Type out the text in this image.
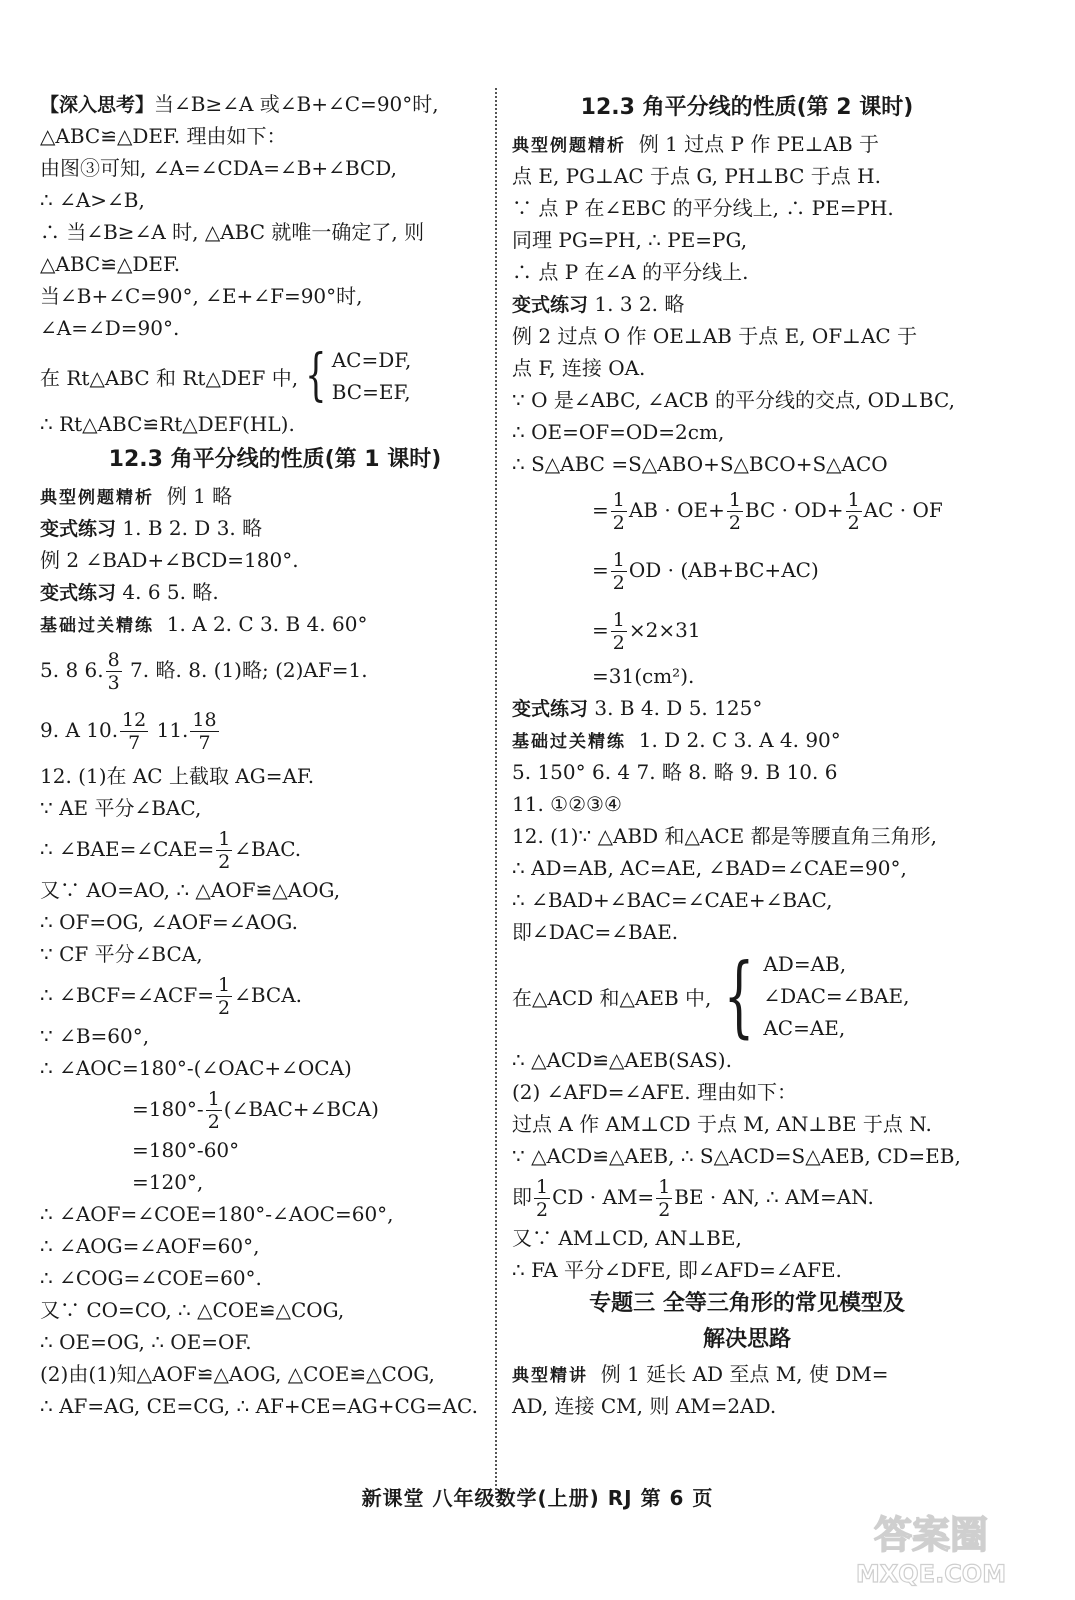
【深入思考】当∠B≥∠A 或∠B+∠C=90°时,
△ABC≌△DEF. 理由如下：
由图③可知, ∠A=∠CDA=∠B+∠BCD,
∴ ∠A>∠B,
∴ 当∠B≥∠A 时, △ABC 就唯一确定了, 则
△ABC≌△DEF.
当∠B+∠C=90°, ∠E+∠F=90°时,
∠A=∠D=90°.
在 Rt△ABC 和 Rt△DEF 中, { AC=DF,
BC=EF,
∴ Rt△ABC≌Rt△DEF(HL).
12.3 角平分线的性质(第 1 课时)
典型例题精析 例 1 略
变式练习 1. B 2. D 3. 略
例 2 ∠BAD+∠BCD=180°.
变式练习 4. 6 5. 略.
基础过关精练 1. A 2. C 3. B 4. 60°
5. 8 6. $\frac{8}{3} 7$. 略. 8. (1)略; (2)AF=1.
9. A 10. $\frac{12}{7} 11$. $\frac{18}{7}$
12. (1)在 AC 上截取 AG=AF.
∵ AE 平分∠BAC,
∴ ∠BAE=∠CAE= $\frac{1}{2}$ ∠BAC.
又∵ AO=AO, ∴ △AOF≌△AOG,
∴ OF=OG, ∠AOF=∠AOG.
∵ CF 平分∠BCA,
∴ ∠BCF=∠ACF= $\frac{1}{2}$ ∠BCA.
∵ ∠B=60°,
∴ ∠AOC=180°-(∠OAC+∠OCA)
$=180^\circ- \frac{1}{2}$ (∠BAC+∠BCA)
=180°-60°
=120°,
∴ ∠AOF=∠COE=180°-∠AOC=60°,
∴ ∠AOG=∠AOF=60°,
∴ ∠COG=∠COE=60°.
又∵ CO=CO, ∴ △COE≌△COG,
∴ OE=OG, ∴ OE=OF.
(2)由(1)知△AOF≌△AOG, △COE≌△COG,
∴ AF=AG, CE=CG, ∴ AF+CE=AG+CG=AC.
12.3 角平分线的性质(第 2 课时)
典型例题精析 例 1 过点 P 作 PE⊥AB 于
点 E, PG⊥AC 于点 G, PH⊥BC 于点 H.
∵ 点 P 在∠EBC 的平分线上, ∴ PE=PH.
同理 PG=PH, ∴ PE=PG,
∴ 点 P 在∠A 的平分线上.
变式练习 1. 3 2. 略
例 2 过点 O 作 OE⊥AB 于点 E, OF⊥AC 于
点 F, 连接 OA.
∵ O 是∠ABC, ∠ACB 的平分线的交点, OD⊥BC,
∴ OE=OF=OD=2cm,
∴ S△ABC =S△ABO+S△BCO+S△ACO
= $\frac{1}{2}$ AB · $OE+ \frac{1}{2}$ BC · $OD+ \frac{1}{2}$ AC · OF
= $\frac{1}{2}$ OD · (AB+BC+AC)
= $\frac{1}{2} \times 2\times 31$
=31(cm²).
变式练习 3. B 4. D 5. 125°
基础过关精练 1. D 2. C 3. A 4. 90°
5. 150° 6. 4 7. 略 8. 略 9. B 10. 6
11. ①②③④
12. (1)∵ △ABD 和△ACE 都是等腰直角三角形,
∴ AD=AB, AC=AE, ∠BAD=∠CAE=90°,
∴ ∠BAD+∠BAC=∠CAE+∠BAC,
即∠DAC=∠BAE.
在△ACD 和△AEB 中, { AD=AB,
∠DAC=∠BAE,
AC=AE,
∴ △ACD≌△AEB(SAS).
(2) ∠AFD=∠AFE. 理由如下：
过点 A 作 AM⊥CD 于点 M, AN⊥BE 于点 N.
∵ △ACD≌△AEB, ∴ S△ACD=S△AEB, CD=EB,
即 $\frac{1}{2}$ CD · $AM= \frac{1}{2}$ BE · AN, ∴ AM=AN.
又∵ AM⊥CD, AN⊥BE,
∴ FA 平分∠DFE, 即∠AFD=∠AFE.
专题三 全等三角形的常见模型及
解决思路
典型精讲 例 1 延长 AD 至点 M, 使 DM=
AD, 连接 CM, 则 AM=2AD.
新课堂 八年级数学(上册) RJ 第 6 页
答案圈
MXQE.COM
